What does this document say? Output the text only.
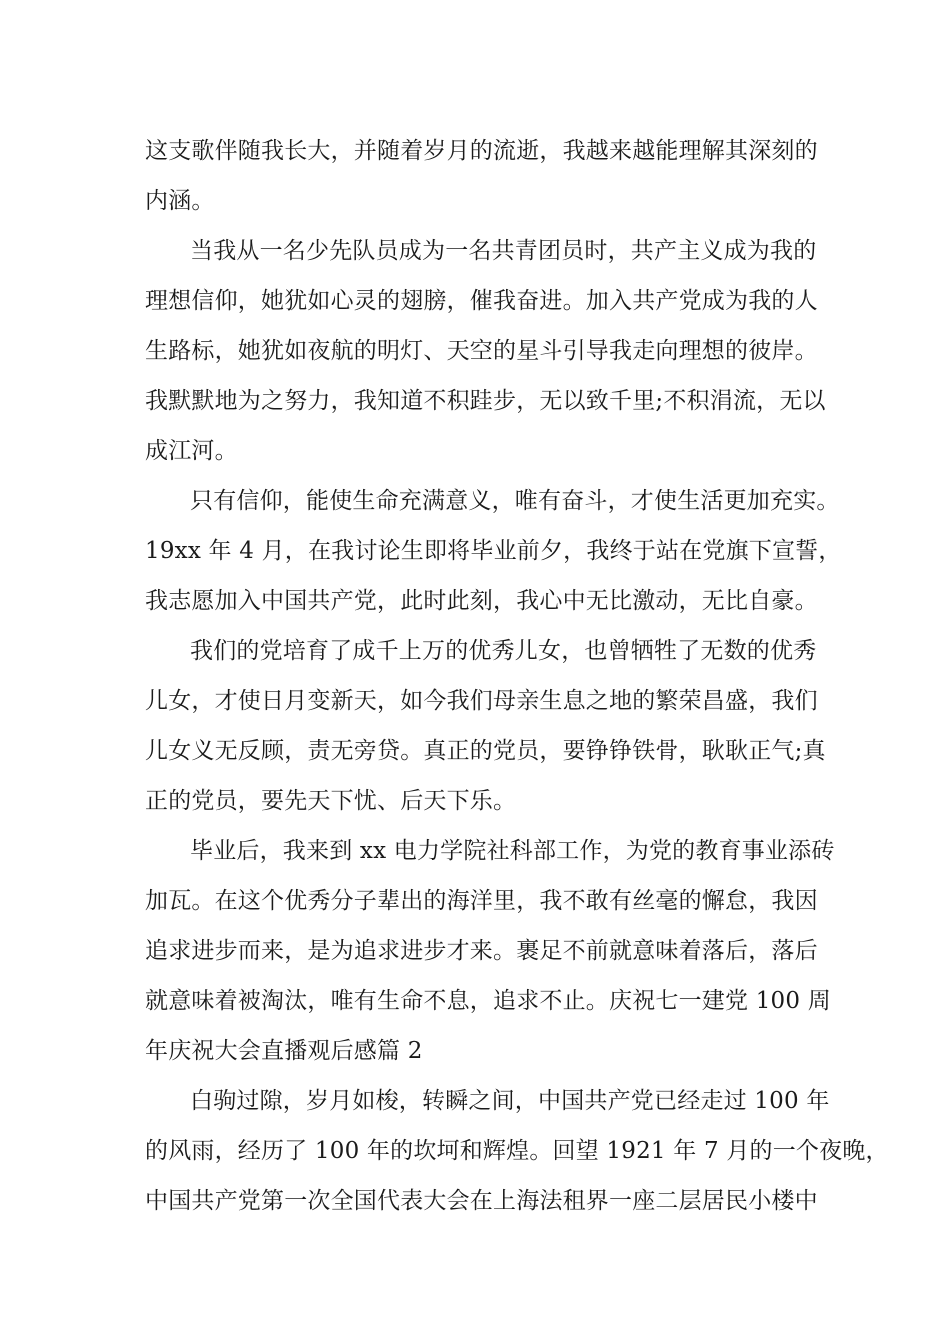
这支歌伴随我长大，并随着岁月的流逝，我越来越能理解其深刻的
内涵。
当我从一名少先队员成为一名共青团员时，共产主义成为我的
理想信仰，她犹如心灵的翅膀，催我奋进。加入共产党成为我的人
生路标，她犹如夜航的明灯、天空的星斗引导我走向理想的彼岸。
我默默地为之努力，我知道不积跬步，无以致千里;不积涓流，无以
成江河。
只有信仰，能使生命充满意义，唯有奋斗，才使生活更加充实。
19xx 年 4 月，在我讨论生即将毕业前夕，我终于站在党旗下宣誓，
我志愿加入中国共产党，此时此刻，我心中无比激动，无比自豪。
我们的党培育了成千上万的优秀儿女，也曾牺牲了无数的优秀
儿女，才使日月变新天，如今我们母亲生息之地的繁荣昌盛，我们
儿女义无反顾，责无旁贷。真正的党员，要铮铮铁骨，耿耿正气;真
正的党员，要先天下忧、后天下乐。
毕业后，我来到 xx 电力学院社科部工作，为党的教育事业添砖
加瓦。在这个优秀分子辈出的海洋里，我不敢有丝毫的懈怠，我因
追求进步而来，是为追求进步才来。裹足不前就意味着落后，落后
就意味着被淘汰，唯有生命不息，追求不止。庆祝七一建党 100 周
年庆祝大会直播观后感篇 2
白驹过隙，岁月如梭，转瞬之间，中国共产党已经走过 100 年
的风雨，经历了 100 年的坎坷和辉煌。回望 1921 年 7 月的一个夜晚，
中国共产党第一次全国代表大会在上海法租界一座二层居民小楼中
